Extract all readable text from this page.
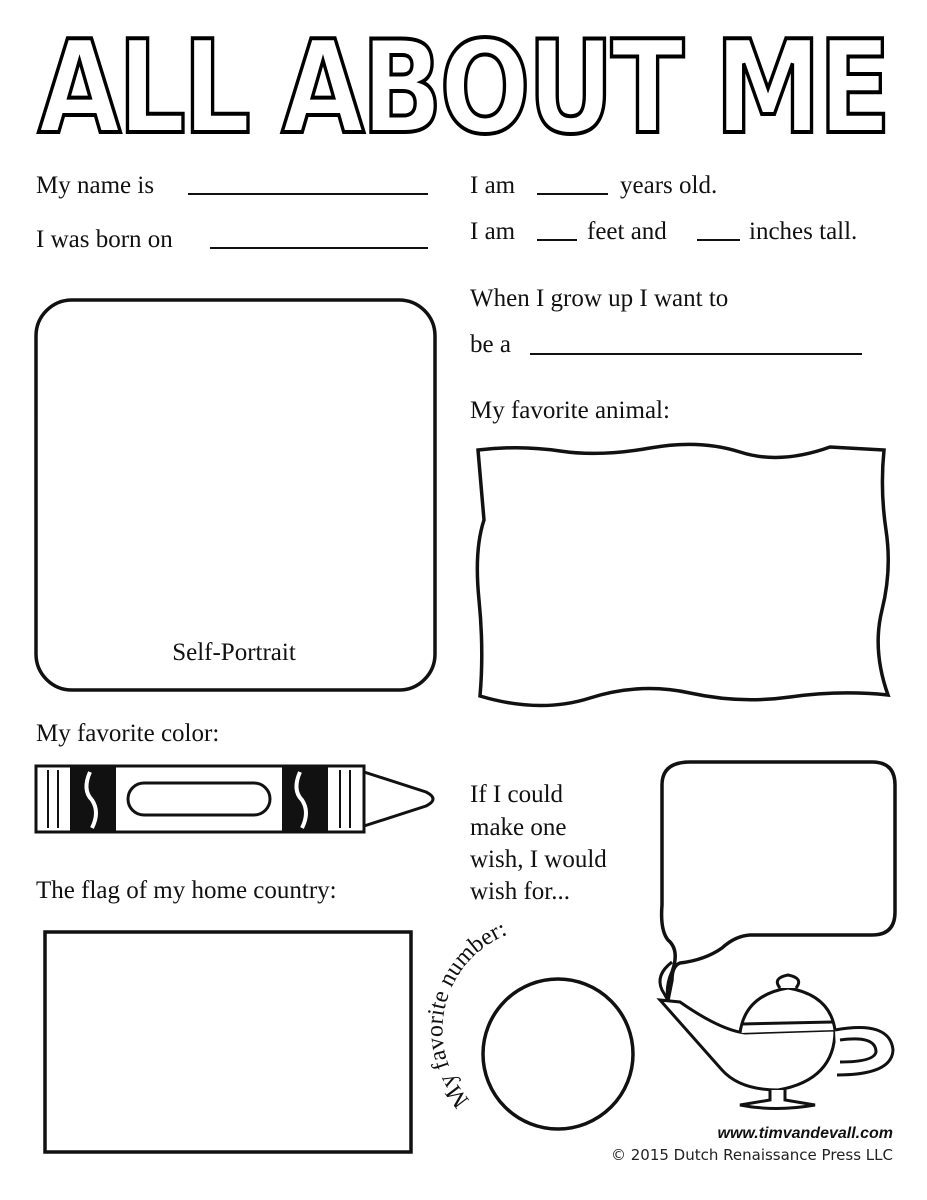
ALL ABOUT ME
My name is
I was born on
I am	years old.
I am	feet and	inches tall.
When I grow up I want to
be a
Self-Portrait
My favorite animal:
My favorite color:
If I could
make one
wish, I would
wish for...
The flag of my home country:
My favorite number:
www.timvandevall.com
© 2015 Dutch Renaissance Press LLC
